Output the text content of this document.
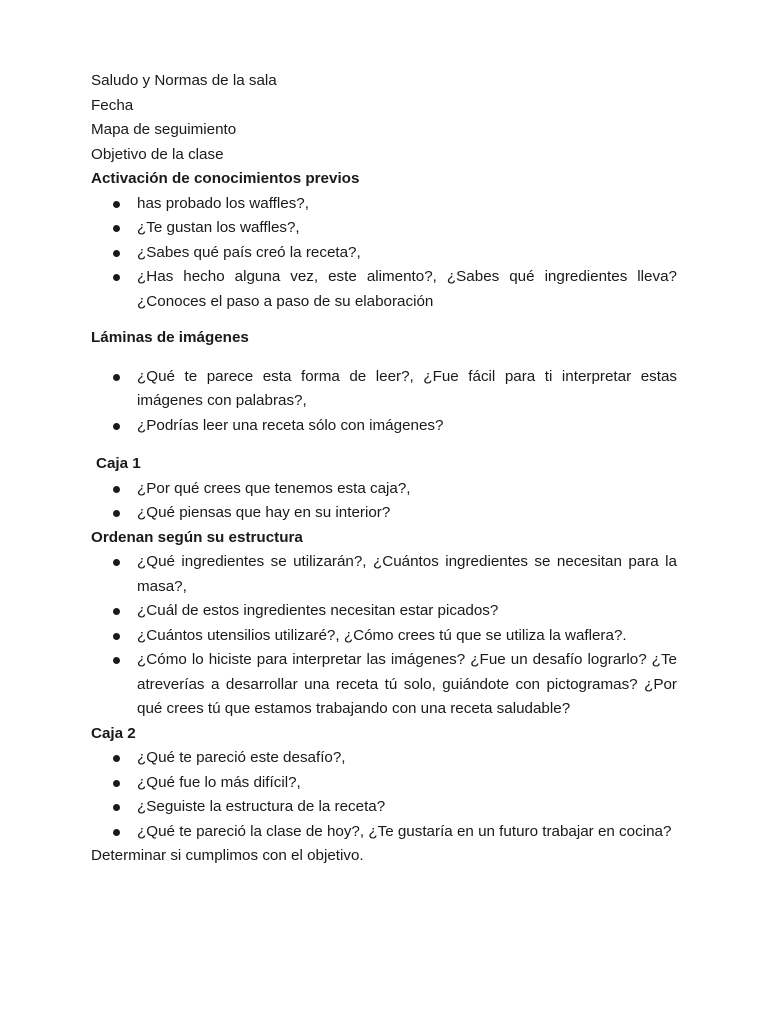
Saludo y Normas de la sala

Fecha

Mapa de seguimiento

Objetivo de la clase

Activación de conocimientos previos

has probado los waffles?,
¿Te gustan los waffles?,
¿Sabes qué país creó la receta?,
¿Has hecho alguna vez, este alimento?, ¿Sabes qué ingredientes lleva? ¿Conoces el paso a paso de su elaboración

Láminas de imágenes

¿Qué te parece esta forma de leer?, ¿Fue fácil para ti interpretar estas imágenes con palabras?,
¿Podrías leer una receta sólo con imágenes?

Caja 1

¿Por qué crees que tenemos esta caja?,
¿Qué piensas que hay en su interior?

Ordenan según su estructura

¿Qué ingredientes se utilizarán?, ¿Cuántos ingredientes se necesitan para la masa?,
¿Cuál de estos ingredientes necesitan estar picados?
¿Cuántos utensilios utilizaré?, ¿Cómo crees tú que se utiliza la waflera?.
¿Cómo lo hiciste para interpretar las imágenes? ¿Fue un desafío lograrlo? ¿Te atreverías a desarrollar una receta tú solo, guiándote con pictogramas? ¿Por qué crees tú que estamos trabajando con una receta saludable?

Caja 2

¿Qué te pareció este desafío?,
¿Qué fue lo más difícil?,
¿Seguiste la estructura de la receta?
¿Qué te pareció la clase de hoy?, ¿Te gustaría en un futuro trabajar en cocina?

Determinar si cumplimos con el objetivo.
